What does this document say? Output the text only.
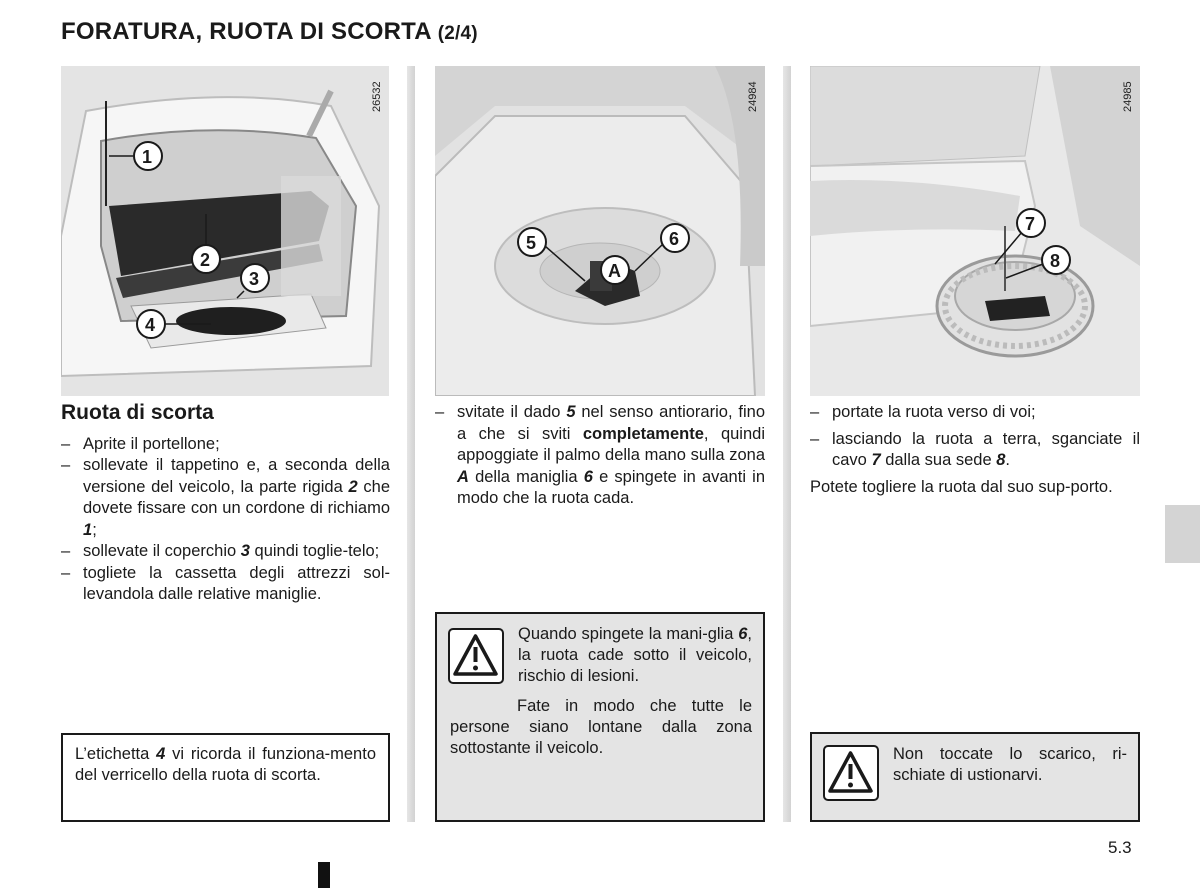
FORATURA, RUOTA DI SCORTA (2/4)
1
2
3
4
26532
5	6
A
24984
7
8
24985
Ruota di scorta
– Aprite il portellone;
– sollevate il tappetino e, a seconda della versione del veicolo, la parte rigida 2 che dovete fissare con un cordone di richiamo 1;
– sollevate il coperchio 3 quindi toglie-telo;
– togliete la cassetta degli attrezzi sol-levandola dalle relative maniglie.
L’etichetta 4 vi ricorda il funziona-mento del verricello della ruota di scorta.
– svitate il dado 5 nel senso antiorario, fino a che si sviti completamente, quindi appoggiate il palmo della mano sulla zona A della maniglia 6 e spingete in avanti in modo che la ruota cada.
Quando spingete la mani-glia 6, la ruota cade sotto il veicolo, rischio di lesioni.
Fate in modo che tutte le persone siano lontane dalla zona sottostante il veicolo.
– portate la ruota verso di voi;
– lasciando la ruota a terra, sganciate il cavo 7 dalla sua sede 8.
Potete togliere la ruota dal suo sup-porto.
Non toccate lo scarico, ri-schiate di ustionarvi.
5.3
